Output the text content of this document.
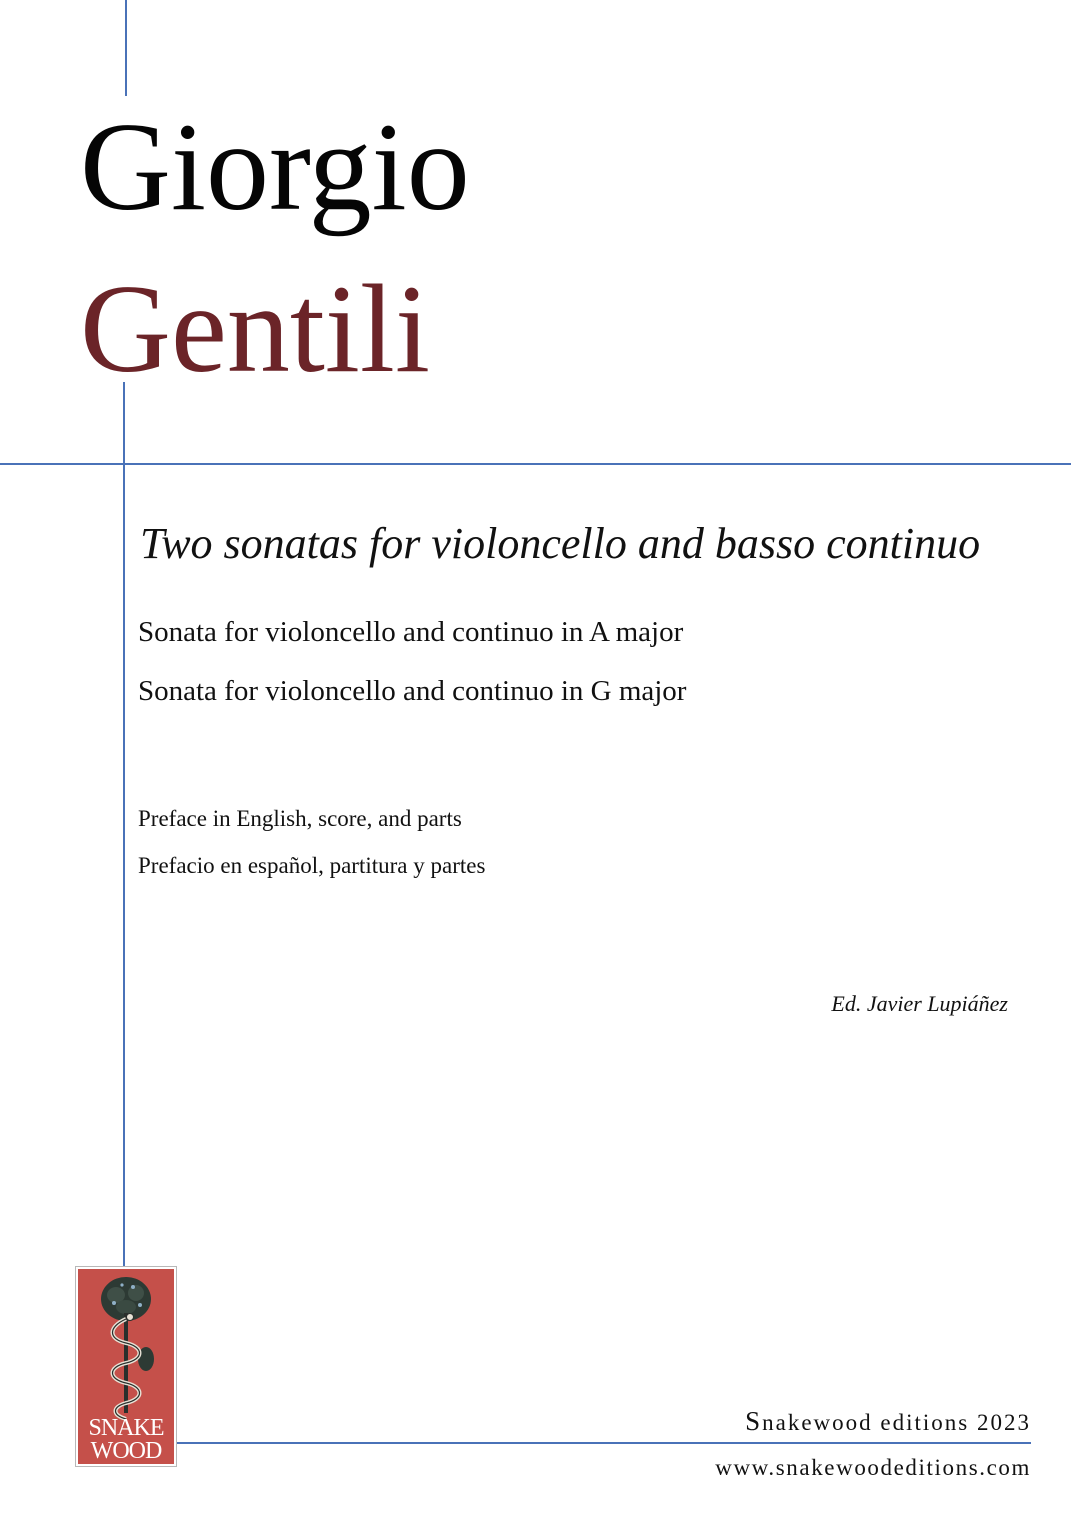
Giorgio
Gentili
Two sonatas for violoncello and basso continuo
Sonata for violoncello and continuo in A major
Sonata for violoncello and continuo in G major
Preface in English, score, and parts
Prefacio en español, partitura y partes
Ed. Javier Lupiáñez
Snakewood editions 2023
www.snakewoodeditions.com
SNAKE
WOOD
